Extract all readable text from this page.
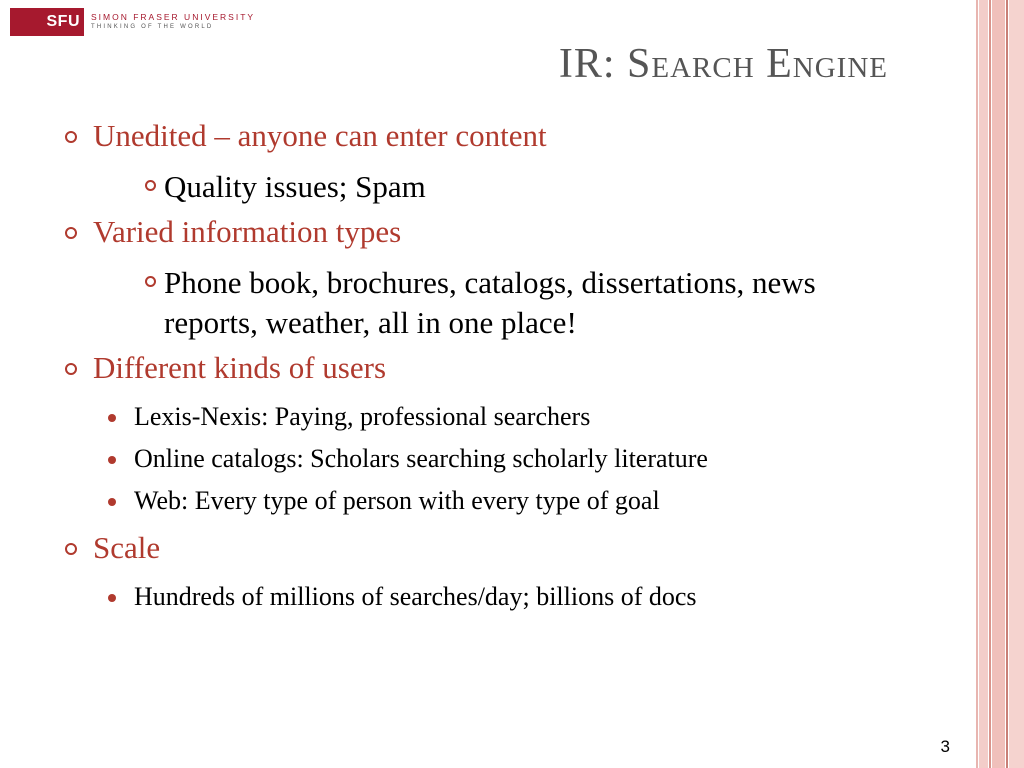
SFU SIMON FRASER UNIVERSITY
THINKING OF THE WORLD
IR: Search Engine
Unedited – anyone can enter content
Quality issues; Spam
Varied information types
Phone book, brochures, catalogs, dissertations, news reports, weather, all in one place!
Different kinds of users
Lexis-Nexis: Paying, professional searchers
Online catalogs: Scholars searching scholarly literature
Web: Every type of person with every type of goal
Scale
Hundreds of millions of searches/day; billions of docs
3
